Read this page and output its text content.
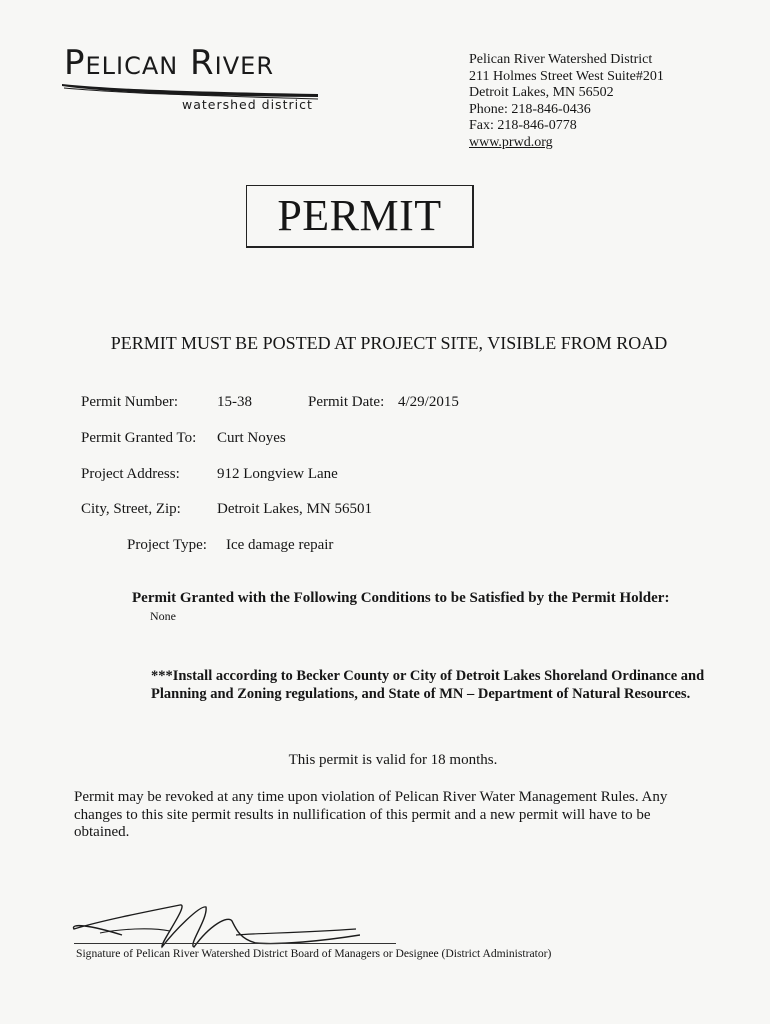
Pelican River
watershed district
Pelican River Watershed District
211 Holmes Street West Suite#201
Detroit Lakes, MN 56502
Phone: 218-846-0436
Fax: 218-846-0778
www.prwd.org
PERMIT
PERMIT MUST BE POSTED AT PROJECT SITE, VISIBLE FROM ROAD
Permit Number:	15-38	Permit Date: 4/29/2015
Permit Granted To: Curt Noyes
Project Address: 912 Longview Lane
City, Street, Zip: Detroit Lakes, MN 56501
Project Type: Ice damage repair
Permit Granted with the Following Conditions to be Satisfied by the Permit Holder:
None
***Install according to Becker County or City of Detroit Lakes Shoreland Ordinance and Planning and Zoning regulations, and State of MN – Department of Natural Resources.
This permit is valid for 18 months.
Permit may be revoked at any time upon violation of Pelican River Water Management Rules. Any changes to this site permit results in nullification of this permit and a new permit will have to be obtained.
Signature of Pelican River Watershed District Board of Managers or Designee (District Administrator)
